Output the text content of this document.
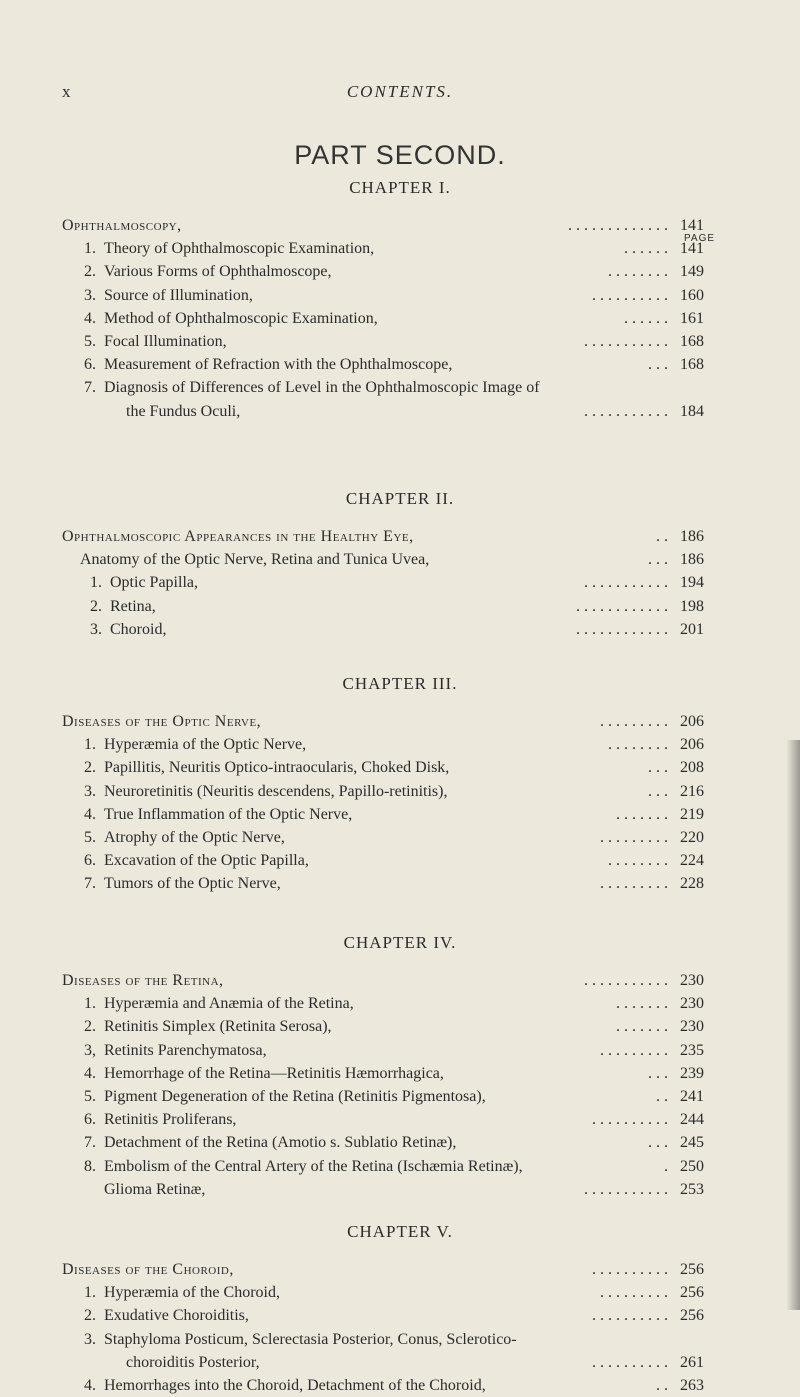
x	CONTENTS.
PART SECOND.
PAGE
CHAPTER I.
Ophthalmoscopy,	. . . . . . . . . . . . . 141
1. Theory of Ophthalmoscopic Examination,	. . . . . . 141
2. Various Forms of Ophthalmoscope,	. . . . . . . . 149
3. Source of Illumination,	. . . . . . . . . . 160
4. Method of Ophthalmoscopic Examination,	. . . . . . 161
5. Focal Illumination,	. . . . . . . . . . . 168
6. Measurement of Refraction with the Ophthalmoscope,	. . . 168
7. Diagnosis of Differences of Level in the Ophthalmoscopic Image of
the Fundus Oculi,	. . . . . . . . . . . 184
CHAPTER II.
Ophthalmoscopic Appearances in the Healthy Eye,	. . 186
Anatomy of the Optic Nerve, Retina and Tunica Uvea,	. . . 186
1. Optic Papilla,	. . . . . . . . . . . 194
2. Retina,	. . . . . . . . . . . . 198
3. Choroid,	. . . . . . . . . . . . 201
CHAPTER III.
Diseases of the Optic Nerve,	. . . . . . . . . 206
1. Hyperæmia of the Optic Nerve,	. . . . . . . . 206
2. Papillitis, Neuritis Optico-intraocularis, Choked Disk,	. . . 208
3. Neuroretinitis (Neuritis descendens, Papillo-retinitis),	. . . 216
4. True Inflammation of the Optic Nerve,	. . . . . . . 219
5. Atrophy of the Optic Nerve,	. . . . . . . . . 220
6. Excavation of the Optic Papilla,	. . . . . . . . 224
7. Tumors of the Optic Nerve,	. . . . . . . . . 228
CHAPTER IV.
Diseases of the Retina,	. . . . . . . . . . . 230
1. Hyperæmia and Anæmia of the Retina,	. . . . . . . 230
2. Retinitis Simplex (Retinita Serosa),	. . . . . . . 230
3, Retinits Parenchymatosa,	. . . . . . . . . 235
4. Hemorrhage of the Retina—Retinitis Hæmorrhagica,	. . . 239
5. Pigment Degeneration of the Retina (Retinitis Pigmentosa),	. . 241
6. Retinitis Proliferans,	. . . . . . . . . . 244
7. Detachment of the Retina (Amotio s. Sublatio Retinæ),	. . . 245
8. Embolism of the Central Artery of the Retina (Ischæmia Retinæ),	. 250
Glioma Retinæ,	. . . . . . . . . . . 253
CHAPTER V.
Diseases of the Choroid,	. . . . . . . . . . 256
1. Hyperæmia of the Choroid,	. . . . . . . . . 256
2. Exudative Choroiditis,	. . . . . . . . . . 256
3. Staphyloma Posticum, Sclerectasia Posterior, Conus, Sclerotico-
choroiditis Posterior,	. . . . . . . . . . 261
4. Hemorrhages into the Choroid, Detachment of the Choroid,	. . 263
